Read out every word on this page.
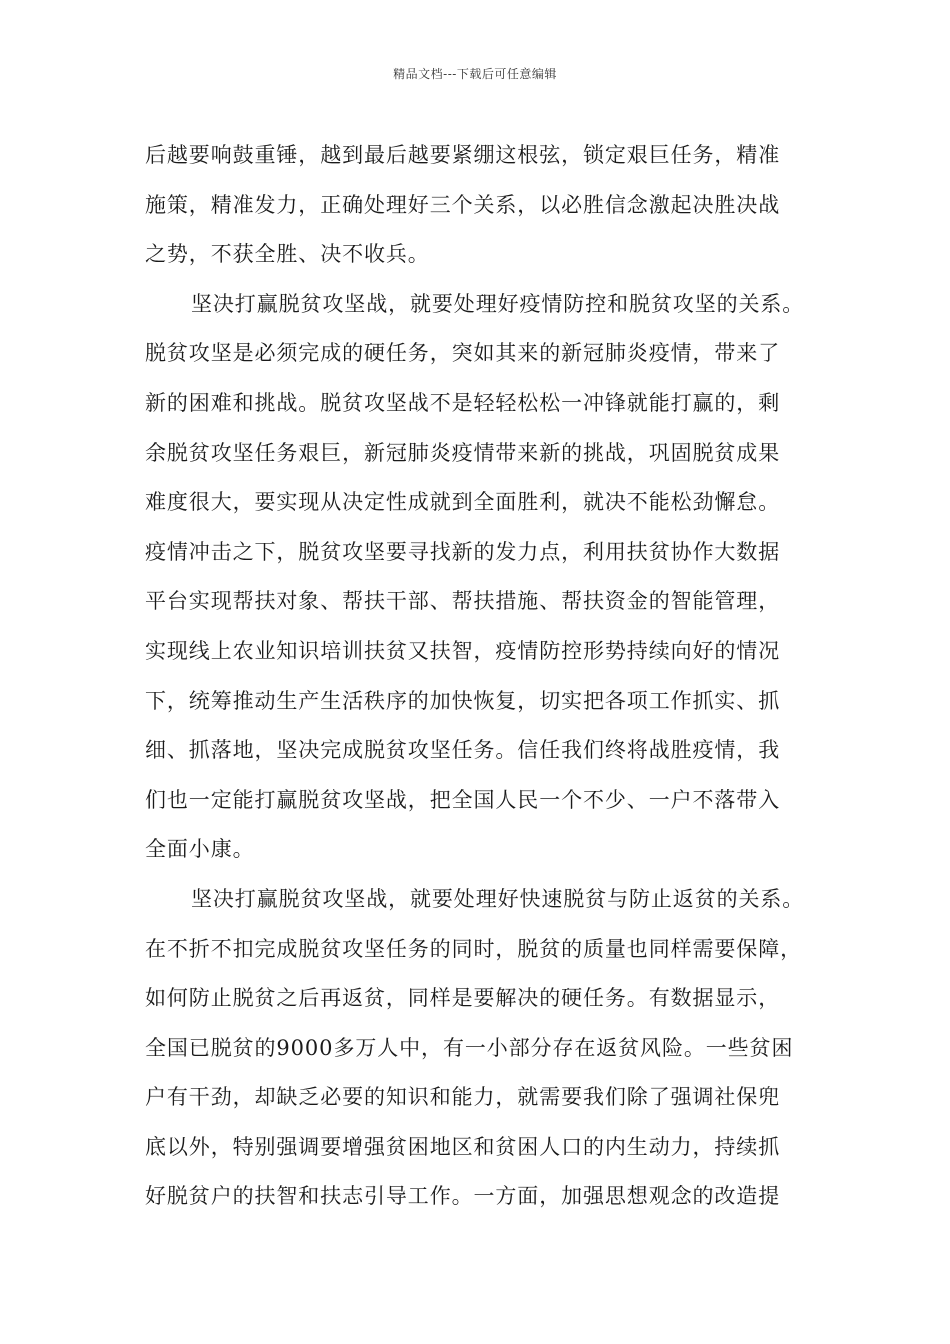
精品文档---下载后可任意编辑
后越要响鼓重锤，越到最后越要紧绷这根弦，锁定艰巨任务，精准
施策，精准发力，正确处理好三个关系，以必胜信念激起决胜决战
之势，不获全胜、决不收兵。
坚决打赢脱贫攻坚战，就要处理好疫情防控和脱贫攻坚的关系。
脱贫攻坚是必须完成的硬任务，突如其来的新冠肺炎疫情，带来了
新的困难和挑战。脱贫攻坚战不是轻轻松松一冲锋就能打赢的，剩
余脱贫攻坚任务艰巨，新冠肺炎疫情带来新的挑战，巩固脱贫成果
难度很大，要实现从决定性成就到全面胜利，就决不能松劲懈怠。
疫情冲击之下，脱贫攻坚要寻找新的发力点，利用扶贫协作大数据
平台实现帮扶对象、帮扶干部、帮扶措施、帮扶资金的智能管理，
实现线上农业知识培训扶贫又扶智，疫情防控形势持续向好的情况
下，统筹推动生产生活秩序的加快恢复，切实把各项工作抓实、抓
细、抓落地，坚决完成脱贫攻坚任务。信任我们终将战胜疫情，我
们也一定能打赢脱贫攻坚战，把全国人民一个不少、一户不落带入
全面小康。
坚决打赢脱贫攻坚战，就要处理好快速脱贫与防止返贫的关系。
在不折不扣完成脱贫攻坚任务的同时，脱贫的质量也同样需要保障，
如何防止脱贫之后再返贫，同样是要解决的硬任务。有数据显示，
全国已脱贫的9000多万人中，有一小部分存在返贫风险。一些贫困
户有干劲，却缺乏必要的知识和能力，就需要我们除了强调社保兜
底以外，特别强调要增强贫困地区和贫困人口的内生动力，持续抓
好脱贫户的扶智和扶志引导工作。一方面，加强思想观念的改造提
